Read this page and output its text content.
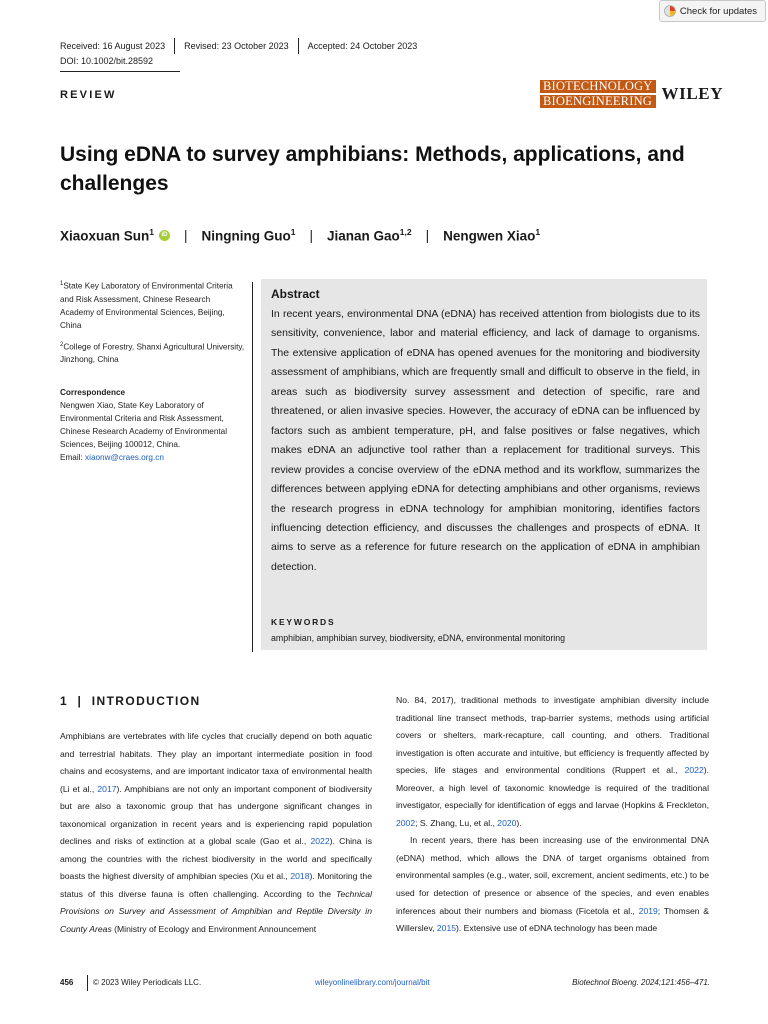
Check for updates
Received: 16 August 2023 Revised: 23 October 2023 Accepted: 24 October 2023
DOI: 10.1002/bit.28592
REVIEW
BIOTECHNOLOGY
BIOENGINEERING WILEY
Using eDNA to survey amphibians: Methods, applications, and challenges
Xiaoxuan Sun$^1$	iD | Ningning Guo$^1$ | Jianan Gao$^{1,2}$ | Nengwen Xiao$^1$

$^1$State Key Laboratory of Environmental Criteria and Risk Assessment, Chinese Research Academy of Environmental Sciences, Beijing, China

$^2$College of Forestry, Shanxi Agricultural University, Jinzhong, China

Correspondence

Nengwen Xiao, State Key Laboratory of Environmental Criteria and Risk Assessment, Chinese Research Academy of Environmental Sciences, Beijing 100012, China.
Email: xiaonw@craes.org.cn

Abstract
In recent years, environmental DNA (eDNA) has received attention from biologists due to its sensitivity, convenience, labor and material efficiency, and lack of damage to organisms. The extensive application of eDNA has opened avenues for the monitoring and biodiversity assessment of amphibians, which are frequently small and difficult to observe in the field, in areas such as biodiversity survey assessment and detection of specific, rare and threatened, or alien invasive species. However, the accuracy of eDNA can be influenced by factors such as ambient temperature, pH, and false positives or false negatives, which makes eDNA an adjunctive tool rather than a replacement for traditional surveys. This review provides a concise overview of the eDNA method and its workflow, summarizes the differences between applying eDNA for detecting amphibians and other organisms, reviews the research progress in eDNA technology for amphibian monitoring, identifies factors influencing detection efficiency, and discusses the challenges and prospects of eDNA. It aims to serve as a reference for future research on the application of eDNA in amphibian detection.
KEYWORDS
amphibian, amphibian survey, biodiversity, eDNA, environmental monitoring
1  |  INTRODUCTION

Amphibians are vertebrates with life cycles that crucially depend on both aquatic and terrestrial habitats. They play an important intermediate position in food chains and ecosystems, and are important indicator taxa of environmental health (Li et al., 2017). Amphibians are not only an important component of biodiversity but are also a taxonomic group that has undergone significant changes in taxonomical organization in recent years and is experiencing rapid population declines and risks of extinction at a global scale (Gao et al., 2022). China is among the countries with the richest biodiversity in the world and specifically boasts the highest diversity of amphibian species (Xu et al., 2018). Monitoring the status of this diverse fauna is often challenging. According to the Technical Provisions on Survey and Assessment of Amphibian and Reptile Diversity in County Areas (Ministry of Ecology and Environment Announcement

No. 84, 2017), traditional methods to investigate amphibian diversity include traditional line transect methods, trap-barrier systems, methods using artificial covers or shelters, mark-recapture, call counting, and others. Traditional investigation is often accurate and intuitive, but efficiency is frequently affected by species, life stages and environmental conditions (Ruppert et al., 2022). Moreover, a high level of taxonomic knowledge is required of the traditional investigator, especially for identification of eggs and larvae (Hopkins & Freckleton, 2002; S. Zhang, Lu, et al., 2020).

In recent years, there has been increasing use of the environmental DNA (eDNA) method, which allows the DNA of target organisms obtained from environmental samples (e.g., water, soil, excrement, ancient sediments, etc.) to be used for detection of presence or absence of the species, and even enables inferences about their numbers and biomass (Ficetola et al., 2019; Thomsen & Willerslev, 2015). Extensive use of eDNA technology has been made

456 © 2023 Wiley Periodicals LLC.	wileyonlinelibrary.com/journal/bit	Biotechnol Bioeng. 2024;121:456–471.
